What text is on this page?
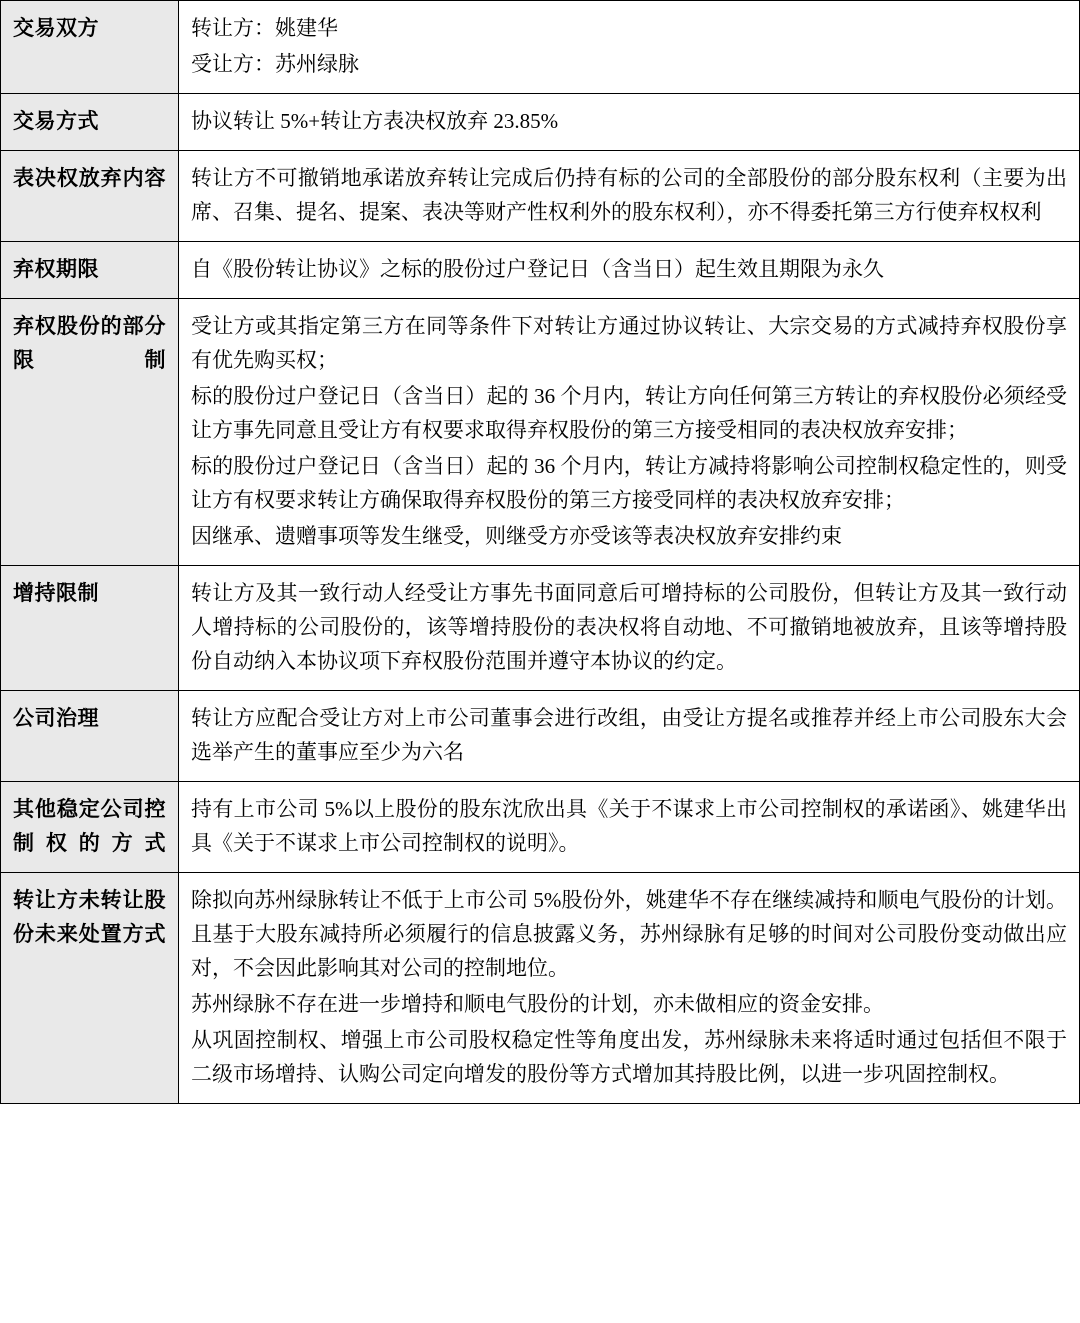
交易双方	转让方：姚建华
受让方：苏州绿脉

交易方式	协议转让 5%+转让方表决权放弃 23.85%

表决权放弃内容	转让方不可撤销地承诺放弃转让完成后仍持有标的公司的全部股份的部分股东权利（主要为出席、召集、提名、提案、表决等财产性权利外的股东权利），亦不得委托第三方行使弃权权利

弃权期限	自《股份转让协议》之标的股份过户登记日（含当日）起生效且期限为永久

弃权股份的部分限制	受让方或其指定第三方在同等条件下对转让方通过协议转让、大宗交易的方式减持弃权股份享有优先购买权；

标的股份过户登记日（含当日）起的 36 个月内，转让方向任何第三方转让的弃权股份必须经受让方事先同意且受让方有权要求取得弃权股份的第三方接受相同的表决权放弃安排；

标的股份过户登记日（含当日）起的 36 个月内，转让方减持将影响公司控制权稳定性的，则受让方有权要求转让方确保取得弃权股份的第三方接受同样的表决权放弃安排；

因继承、遗赠事项等发生继受，则继受方亦受该等表决权放弃安排约束

增持限制	转让方及其一致行动人经受让方事先书面同意后可增持标的公司股份，但转让方及其一致行动人增持标的公司股份的，该等增持股份的表决权将自动地、不可撤销地被放弃，且该等增持股份自动纳入本协议项下弃权股份范围并遵守本协议的约定。

公司治理	转让方应配合受让方对上市公司董事会进行改组，由受让方提名或推荐并经上市公司股东大会选举产生的董事应至少为六名

其他稳定公司控制权的方式	持有上市公司 5%以上股份的股东沈欣出具《关于不谋求上市公司控制权的承诺函》、姚建华出具《关于不谋求上市公司控制权的说明》。

转让方未转让股份未来处置方式	除拟向苏州绿脉转让不低于上市公司 5%股份外，姚建华不存在继续减持和顺电气股份的计划。且基于大股东减持所必须履行的信息披露义务，苏州绿脉有足够的时间对公司股份变动做出应对，不会因此影响其对公司的控制地位。

苏州绿脉不存在进一步增持和顺电气股份的计划，亦未做相应的资金安排。

从巩固控制权、增强上市公司股权稳定性等角度出发，苏州绿脉未来将适时通过包括但不限于二级市场增持、认购公司定向增发的股份等方式增加其持股比例，以进一步巩固控制权。
